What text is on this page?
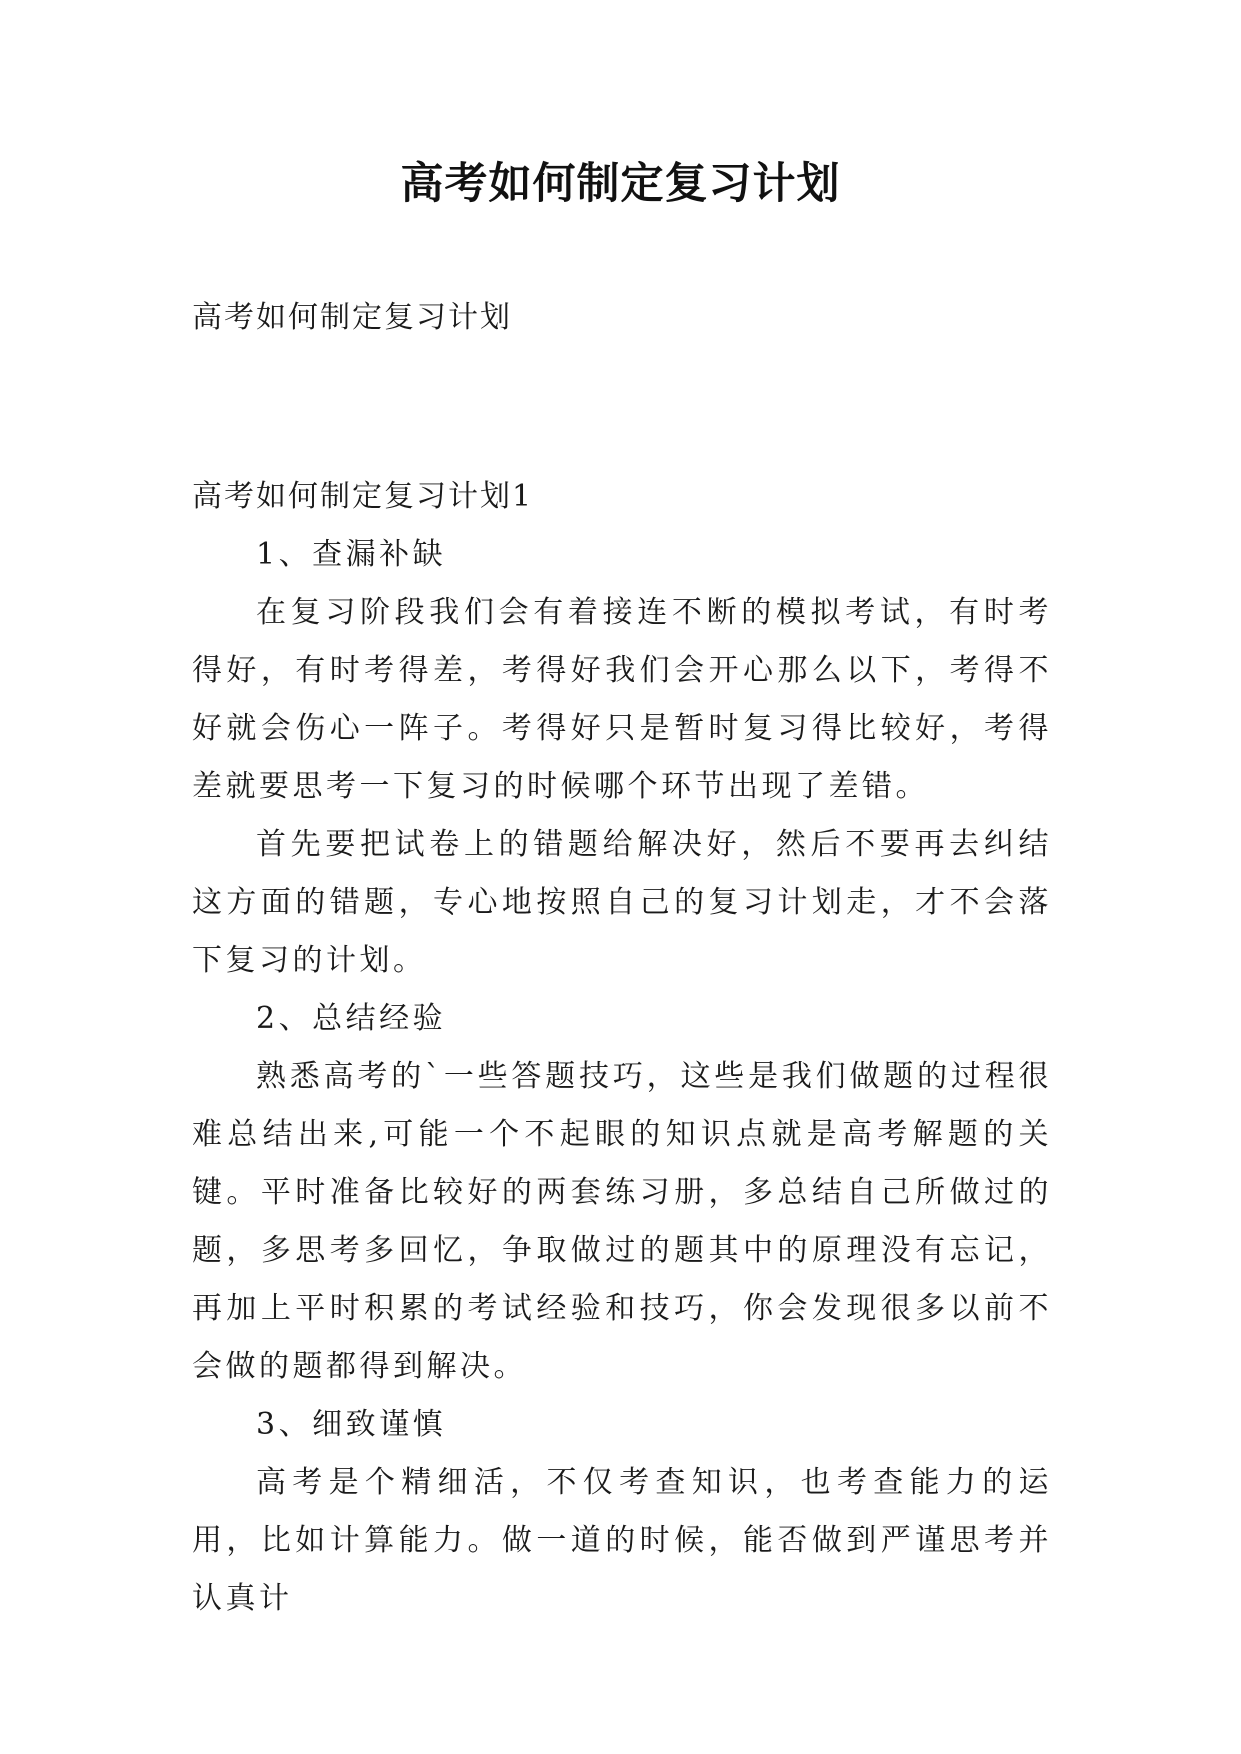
高考如何制定复习计划

高考如何制定复习计划

高考如何制定复习计划1

1、查漏补缺

在复习阶段我们会有着接连不断的模拟考试，有时考得好，有时考得差，考得好我们会开心那么以下，考得不好就会伤心一阵子。考得好只是暂时复习得比较好，考得差就要思考一下复习的时候哪个环节出现了差错。

首先要把试卷上的错题给解决好，然后不要再去纠结这方面的错题，专心地按照自己的复习计划走，才不会落下复习的计划。

2、总结经验

熟悉高考的`一些答题技巧，这些是我们做题的过程很难总结出来,可能一个不起眼的知识点就是高考解题的关键。平时准备比较好的两套练习册，多总结自己所做过的题，多思考多回忆，争取做过的题其中的原理没有忘记，再加上平时积累的考试经验和技巧，你会发现很多以前不会做的题都得到解决。

3、细致谨慎

高考是个精细活，不仅考查知识，也考查能力的运用，比如计算能力。做一道的时候，能否做到严谨思考并认真计
